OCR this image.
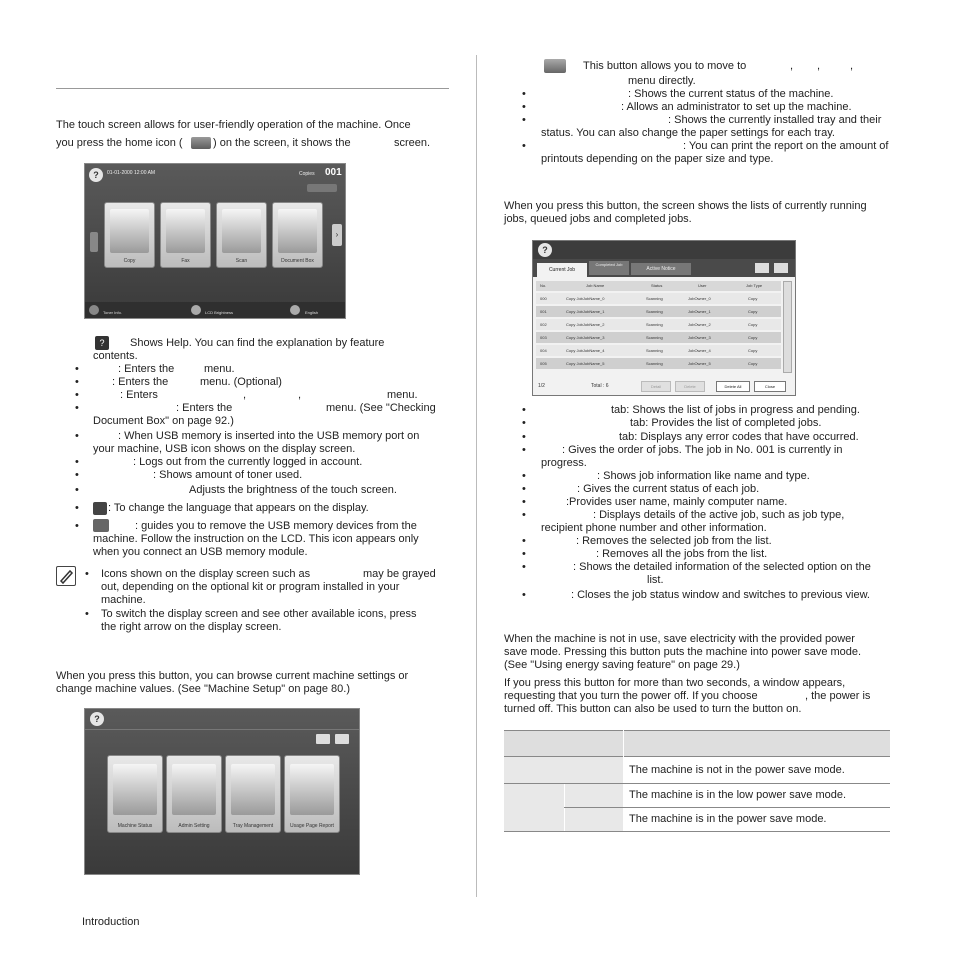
The touch screen allows for user-friendly operation of the machine. Once
you press the home icon (	) on the screen, it shows the	screen.
?	01-01-2000 12:00 AM	Copies 001
Copy	Fax	Scan	Document Box
›
Toner Info.	LCD Brightness	English
?	Shows Help. You can find the explanation by feature
contents.
•	: Enters the	menu.
•	: Enters the	menu. (Optional)
•	: Enters	,	,	menu.
•	: Enters the	menu. (See "Checking
Document Box" on page 92.)
•	: When USB memory is inserted into the USB memory port on
your machine, USB icon shows on the display screen.
•	: Logs out from the currently logged in account.
•	: Shows amount of toner used.
•	Adjusts the brightness of the touch screen.
•	: To change the language that appears on the display.
•	: guides you to remove the USB memory devices from the
machine. Follow the instruction on the LCD. This icon appears only
when you connect an USB memory module.
• Icons shown on the display screen such as	may be grayed
out, depending on the optional kit or program installed in your
machine.
• To switch the display screen and see other available icons, press
the right arrow on the display screen.
When you press this button, you can browse current machine settings or
change machine values. (See "Machine Setup" on page 80.)
?
Machine Status	Admin Setting	Tray Management	Usage Page Report
Introduction
This button allows you to move to	, ,	,
menu directly.
•	: Shows the current status of the machine.
•	: Allows an administrator to set up the machine.
•	: Shows the currently installed tray and their
status. You can also change the paper settings for each tray.
•	: You can print the report on the amount of
printouts depending on the paper size and type.
When you press this button, the screen shows the lists of currently running
jobs, queued jobs and completed jobs.
?
Current Job
Completed Job
Active Notice
No.	Job Name	Status	User	Job Type
000	Copy JobJobName_0	Scanning	JobOwner_0	Copy
001	Copy JobJobName_1	Scanning	JobOwner_1	Copy
002	Copy JobJobName_2	Scanning	JobOwner_2	Copy
003	Copy JobJobName_3	Scanning	JobOwner_3	Copy
004	Copy JobJobName_4	Scanning	JobOwner_4	Copy
005	Copy JobJobName_5	Scanning	JobOwner_5	Copy
1/2	Total : 6	Detail	Delete	Delete All	Close
•	tab: Shows the list of jobs in progress and pending.
•	tab: Provides the list of completed jobs.
•	tab: Displays any error codes that have occurred.
•	: Gives the order of jobs. The job in No. 001 is currently in
progress.
•	: Shows job information like name and type.
•	: Gives the current status of each job.
•	:Provides user name, mainly computer name.
•	: Displays details of the active job, such as job type,
recipient phone number and other information.
•	: Removes the selected job from the list.
•	: Removes all the jobs from the list.
•	: Shows the detailed information of the selected option on the
list.
•	: Closes the job status window and switches to previous view.
When the machine is not in use, save electricity with the provided power
save mode. Pressing this button puts the machine into power save mode.
(See "Using energy saving feature" on page 29.)
If you press this button for more than two seconds, a window appears,
requesting that you turn the power off. If you choose	, the power is
turned off. This button can also be used to turn the button on.
The machine is not in the power save mode.
The machine is in the low power save mode.
The machine is in the power save mode.
